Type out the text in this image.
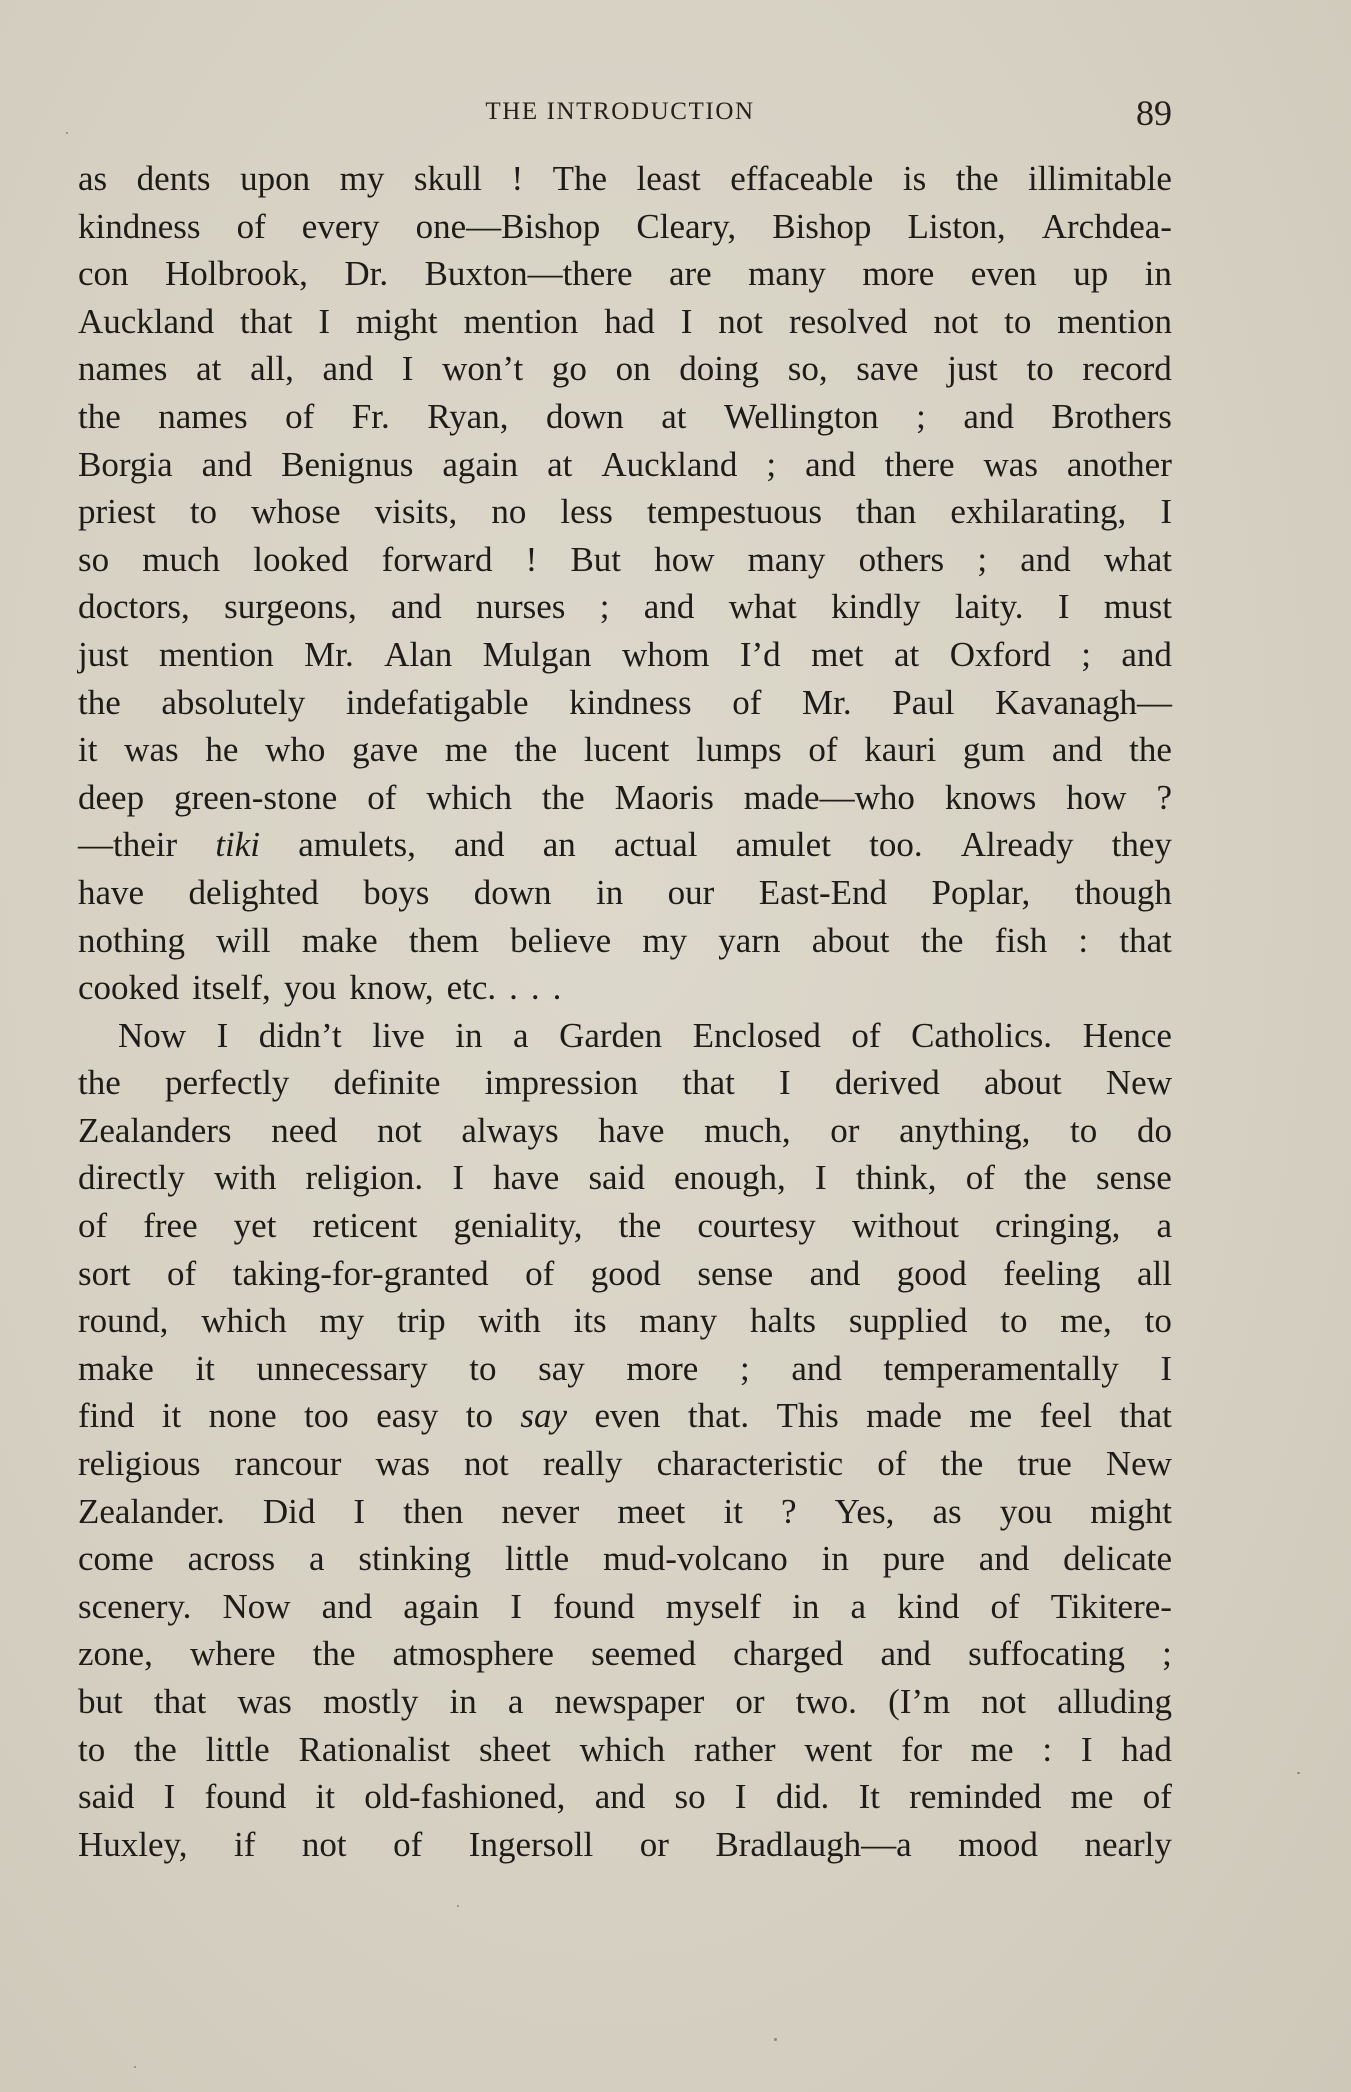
THE INTRODUCTION	89
as dents upon my skull ! The least effaceable is the illimitable
kindness of every one—Bishop Cleary, Bishop Liston, Archdea-
con Holbrook, Dr. Buxton—there are many more even up in
Auckland that I might mention had I not resolved not to mention
names at all, and I won’t go on doing so, save just to record
the names of Fr. Ryan, down at Wellington ; and Brothers
Borgia and Benignus again at Auckland ; and there was another
priest to whose visits, no less tempestuous than exhilarating, I
so much looked forward ! But how many others ; and what
doctors, surgeons, and nurses ; and what kindly laity. I must
just mention Mr. Alan Mulgan whom I’d met at Oxford ; and
the absolutely indefatigable kindness of Mr. Paul Kavanagh—
it was he who gave me the lucent lumps of kauri gum and the
deep green-stone of which the Maoris made—who knows how ?
—their tiki amulets, and an actual amulet too. Already they
have delighted boys down in our East-End Poplar, though
nothing will make them believe my yarn about the fish : that
cooked itself, you know, etc. . . .
Now I didn’t live in a Garden Enclosed of Catholics. Hence
the perfectly definite impression that I derived about New
Zealanders need not always have much, or anything, to do
directly with religion. I have said enough, I think, of the sense
of free yet reticent geniality, the courtesy without cringing, a
sort of taking-for-granted of good sense and good feeling all
round, which my trip with its many halts supplied to me, to
make it unnecessary to say more ; and temperamentally I
find it none too easy to say even that. This made me feel that
religious rancour was not really characteristic of the true New
Zealander. Did I then never meet it ? Yes, as you might
come across a stinking little mud-volcano in pure and delicate
scenery. Now and again I found myself in a kind of Tikitere-
zone, where the atmosphere seemed charged and suffocating ;
but that was mostly in a newspaper or two. (I’m not alluding
to the little Rationalist sheet which rather went for me : I had
said I found it old-fashioned, and so I did. It reminded me of
Huxley, if not of Ingersoll or Bradlaugh—a mood nearly
